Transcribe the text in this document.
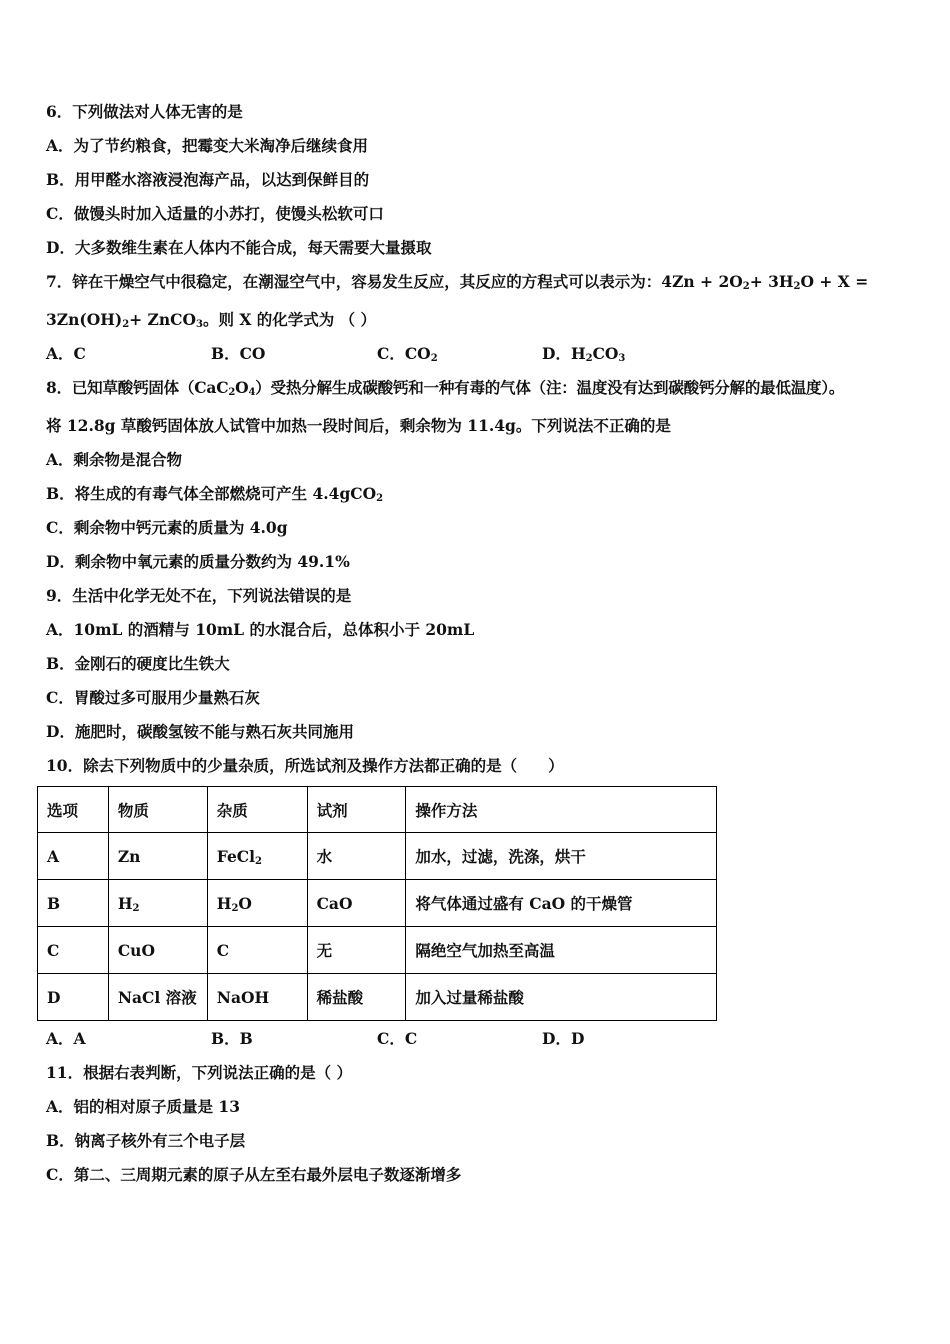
6．下列做法对人体无害的是
A．为了节约粮食，把霉变大米淘净后继续食用
B．用甲醛水溶液浸泡海产品，以达到保鲜目的
C．做馒头时加入适量的小苏打，使馒头松软可口
D．大多数维生素在人体内不能合成，每天需要大量摄取
7．锌在干燥空气中很稳定，在潮湿空气中，容易发生反应，其反应的方程式可以表示为：$4Zn + 2O_2+ 3H_2O + X$ =
$3Zn(OH)_2+$ ZnCO$_3$。则 X 的化学式为 （ ）
A．C	B．CO	C．$CO_2$	D．$H_2CO_3$
8．已知草酸钙固体$(CaC_2O_4)$受热分解生成碳酸钙和一种有毒的气体（注：温度没有达到碳酸钙分解的最低温度）。
将 12.8g 草酸钙固体放人试管中加热一段时间后，剩余物为 11.4g。下列说法不正确的是
A．剩余物是混合物
B．将生成的有毒气体全部燃烧可产生 4.4gCO$_2$
C．剩余物中钙元素的质量为 4.0g
D．剩余物中氧元素的质量分数约为 49.1%
9．生活中化学无处不在，下列说法错误的是
A．10mL 的酒精与 10mL 的水混合后，总体积小于 20mL
B．金刚石的硬度比生铁大
C．胃酸过多可服用少量熟石灰
D．施肥时，碳酸氢铵不能与熟石灰共同施用
10．除去下列物质中的少量杂质，所选试剂及操作方法都正确的是（　　）
选项	物质	杂质	试剂	操作方法
A	Zn	FeCl$_2$	水	加水，过滤，洗涤，烘干
B	$H_2$	$H_2O$	CaO	将气体通过盛有 CaO 的干燥管
C	CuO	C	无	隔绝空气加热至高温
D	NaCl 溶液	NaOH	稀盐酸	加入过量稀盐酸
A．A	B．B	C．C	D．D
11．根据右表判断，下列说法正确的是（ ）
A．铝的相对原子质量是 13
B．钠离子核外有三个电子层
C．第二、三周期元素的原子从左至右最外层电子数逐渐增多
